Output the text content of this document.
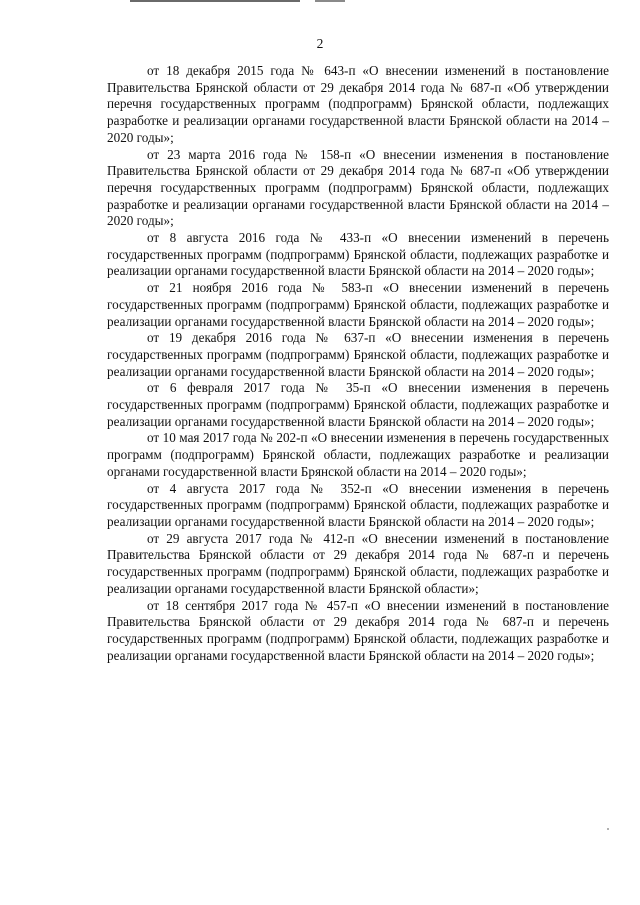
2

от 18 декабря 2015 года № 643-п «О внесении изменений в постановление Правительства Брянской области от 29 декабря 2014 года № 687-п «Об утверждении перечня государственных программ (подпрограмм) Брянской области, подлежащих разработке и реализации органами государственной власти Брянской области на 2014 – 2020 годы»;

от 23 марта 2016 года № 158-п «О внесении изменения в постановление Правительства Брянской области от 29 декабря 2014 года № 687-п «Об утверждении перечня государственных программ (подпрограмм) Брянской области, подлежащих разработке и реализации органами государственной власти Брянской области на 2014 – 2020 годы»;

от 8 августа 2016 года № 433-п «О внесении изменений в перечень государственных программ (подпрограмм) Брянской области, подлежащих разработке и реализации органами государственной власти Брянской области на 2014 – 2020 годы»;

от 21 ноября 2016 года № 583-п «О внесении изменений в перечень государственных программ (подпрограмм) Брянской области, подлежащих разработке и реализации органами государственной власти Брянской области на 2014 – 2020 годы»;

от 19 декабря 2016 года № 637-п «О внесении изменения в перечень государственных программ (подпрограмм) Брянской области, подлежащих разработке и реализации органами государственной власти Брянской области на 2014 – 2020 годы»;

от 6 февраля 2017 года № 35-п «О внесении изменения в перечень государственных программ (подпрограмм) Брянской области, подлежащих разработке и реализации органами государственной власти Брянской области на 2014 – 2020 годы»;

от 10 мая 2017 года № 202-п «О внесении изменения в перечень государственных программ (подпрограмм) Брянской области, подлежащих разработке и реализации органами государственной власти Брянской области на 2014 – 2020 годы»;

от 4 августа 2017 года № 352-п «О внесении изменения в перечень государственных программ (подпрограмм) Брянской области, подлежащих разработке и реализации органами государственной власти Брянской области на 2014 – 2020 годы»;

от 29 августа 2017 года № 412-п «О внесении изменений в постановление Правительства Брянской области от 29 декабря 2014 года № 687-п и перечень государственных программ (подпрограмм) Брянской области, подлежащих разработке и реализации органами государственной власти Брянской области»;

от 18 сентября 2017 года № 457-п «О внесении изменений в постановление Правительства Брянской области от 29 декабря 2014 года № 687-п и перечень государственных программ (подпрограмм) Брянской области, подлежащих разработке и реализации органами государственной власти Брянской области на 2014 – 2020 годы»;
